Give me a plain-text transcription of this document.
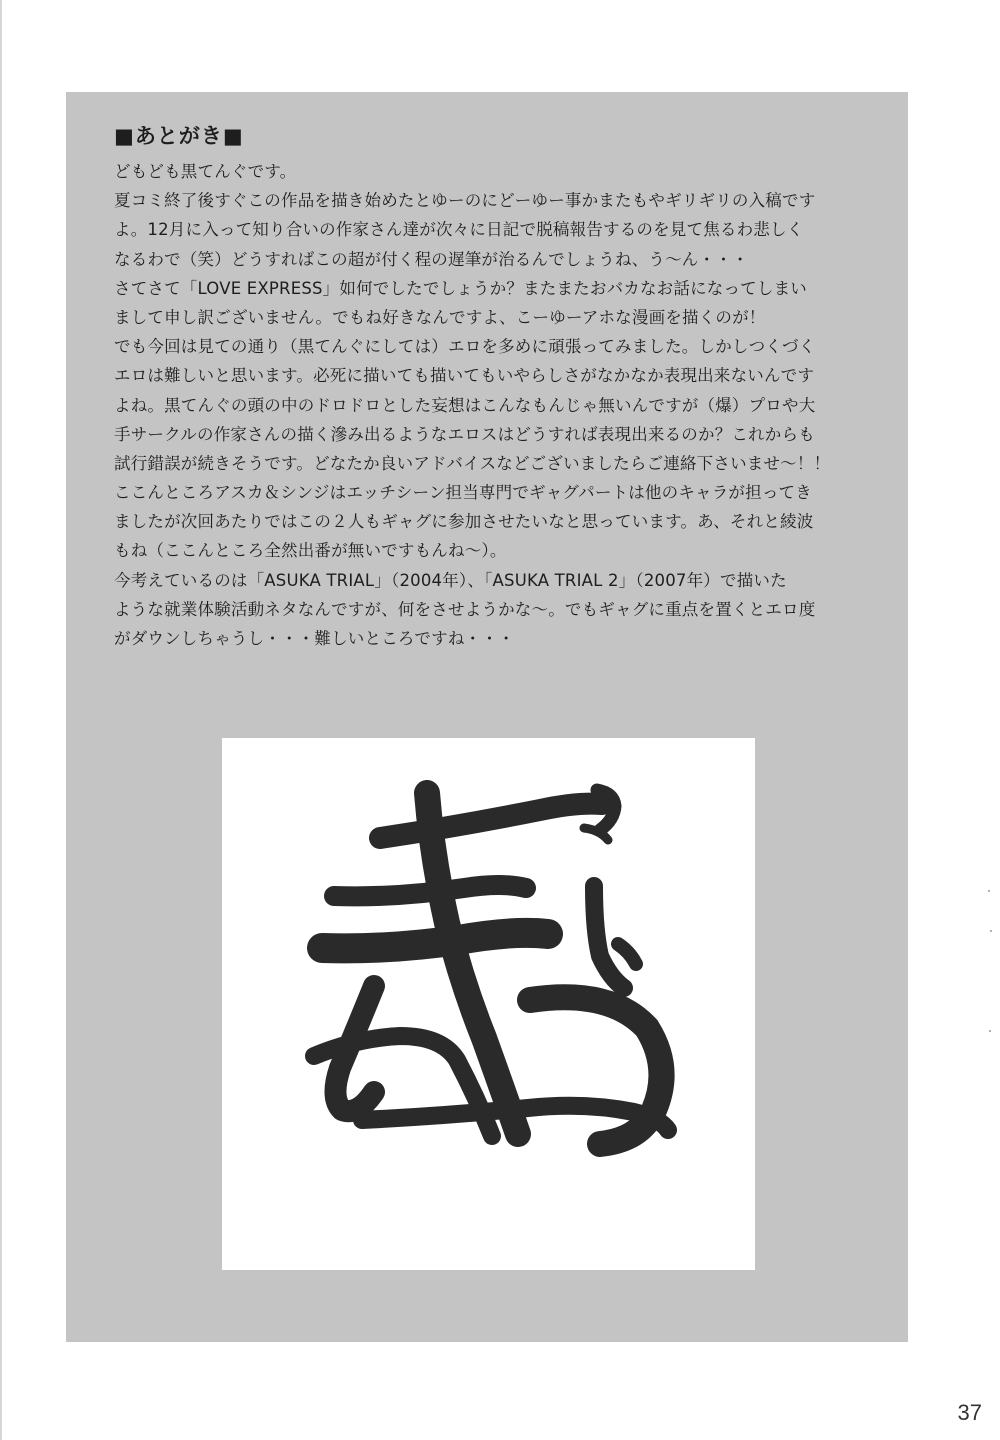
■あとがき■
どもども黒てんぐです。
夏コミ終了後すぐこの作品を描き始めたとゆーのにどーゆー事かまたもやギリギリの入稿です
よ。12月に入って知り合いの作家さん達が次々に日記で脱稿報告するのを見て焦るわ悲しく
なるわで（笑）どうすればこの超が付く程の遅筆が治るんでしょうね、う〜ん・・・
さてさて「LOVE EXPRESS」如何でしたでしょうか？またまたおバカなお話になってしまい
まして申し訳ございません。でもね好きなんですよ、こーゆーアホな漫画を描くのが！
でも今回は見ての通り（黒てんぐにしては）エロを多めに頑張ってみました。しかしつくづく
エロは難しいと思います。必死に描いても描いてもいやらしさがなかなか表現出来ないんです
よね。黒てんぐの頭の中のドロドロとした妄想はこんなもんじゃ無いんですが（爆）プロや大
手サークルの作家さんの描く滲み出るようなエロスはどうすれば表現出来るのか？これからも
試行錯誤が続きそうです。どなたか良いアドバイスなどございましたらご連絡下さいませ〜！！
ここんところアスカ＆シンジはエッチシーン担当専門でギャグパートは他のキャラが担ってき
ましたが次回あたりではこの２人もギャグに参加させたいなと思っています。あ、それと綾波
もね（ここんところ全然出番が無いですもんね〜）。
今考えているのは「ASUKA TRIAL」（2004年）、「ASUKA TRIAL 2」（2007年）で描いた
ような就業体験活動ネタなんですが、何をさせようかな〜。でもギャグに重点を置くとエロ度
がダウンしちゃうし・・・難しいところですね・・・
37
